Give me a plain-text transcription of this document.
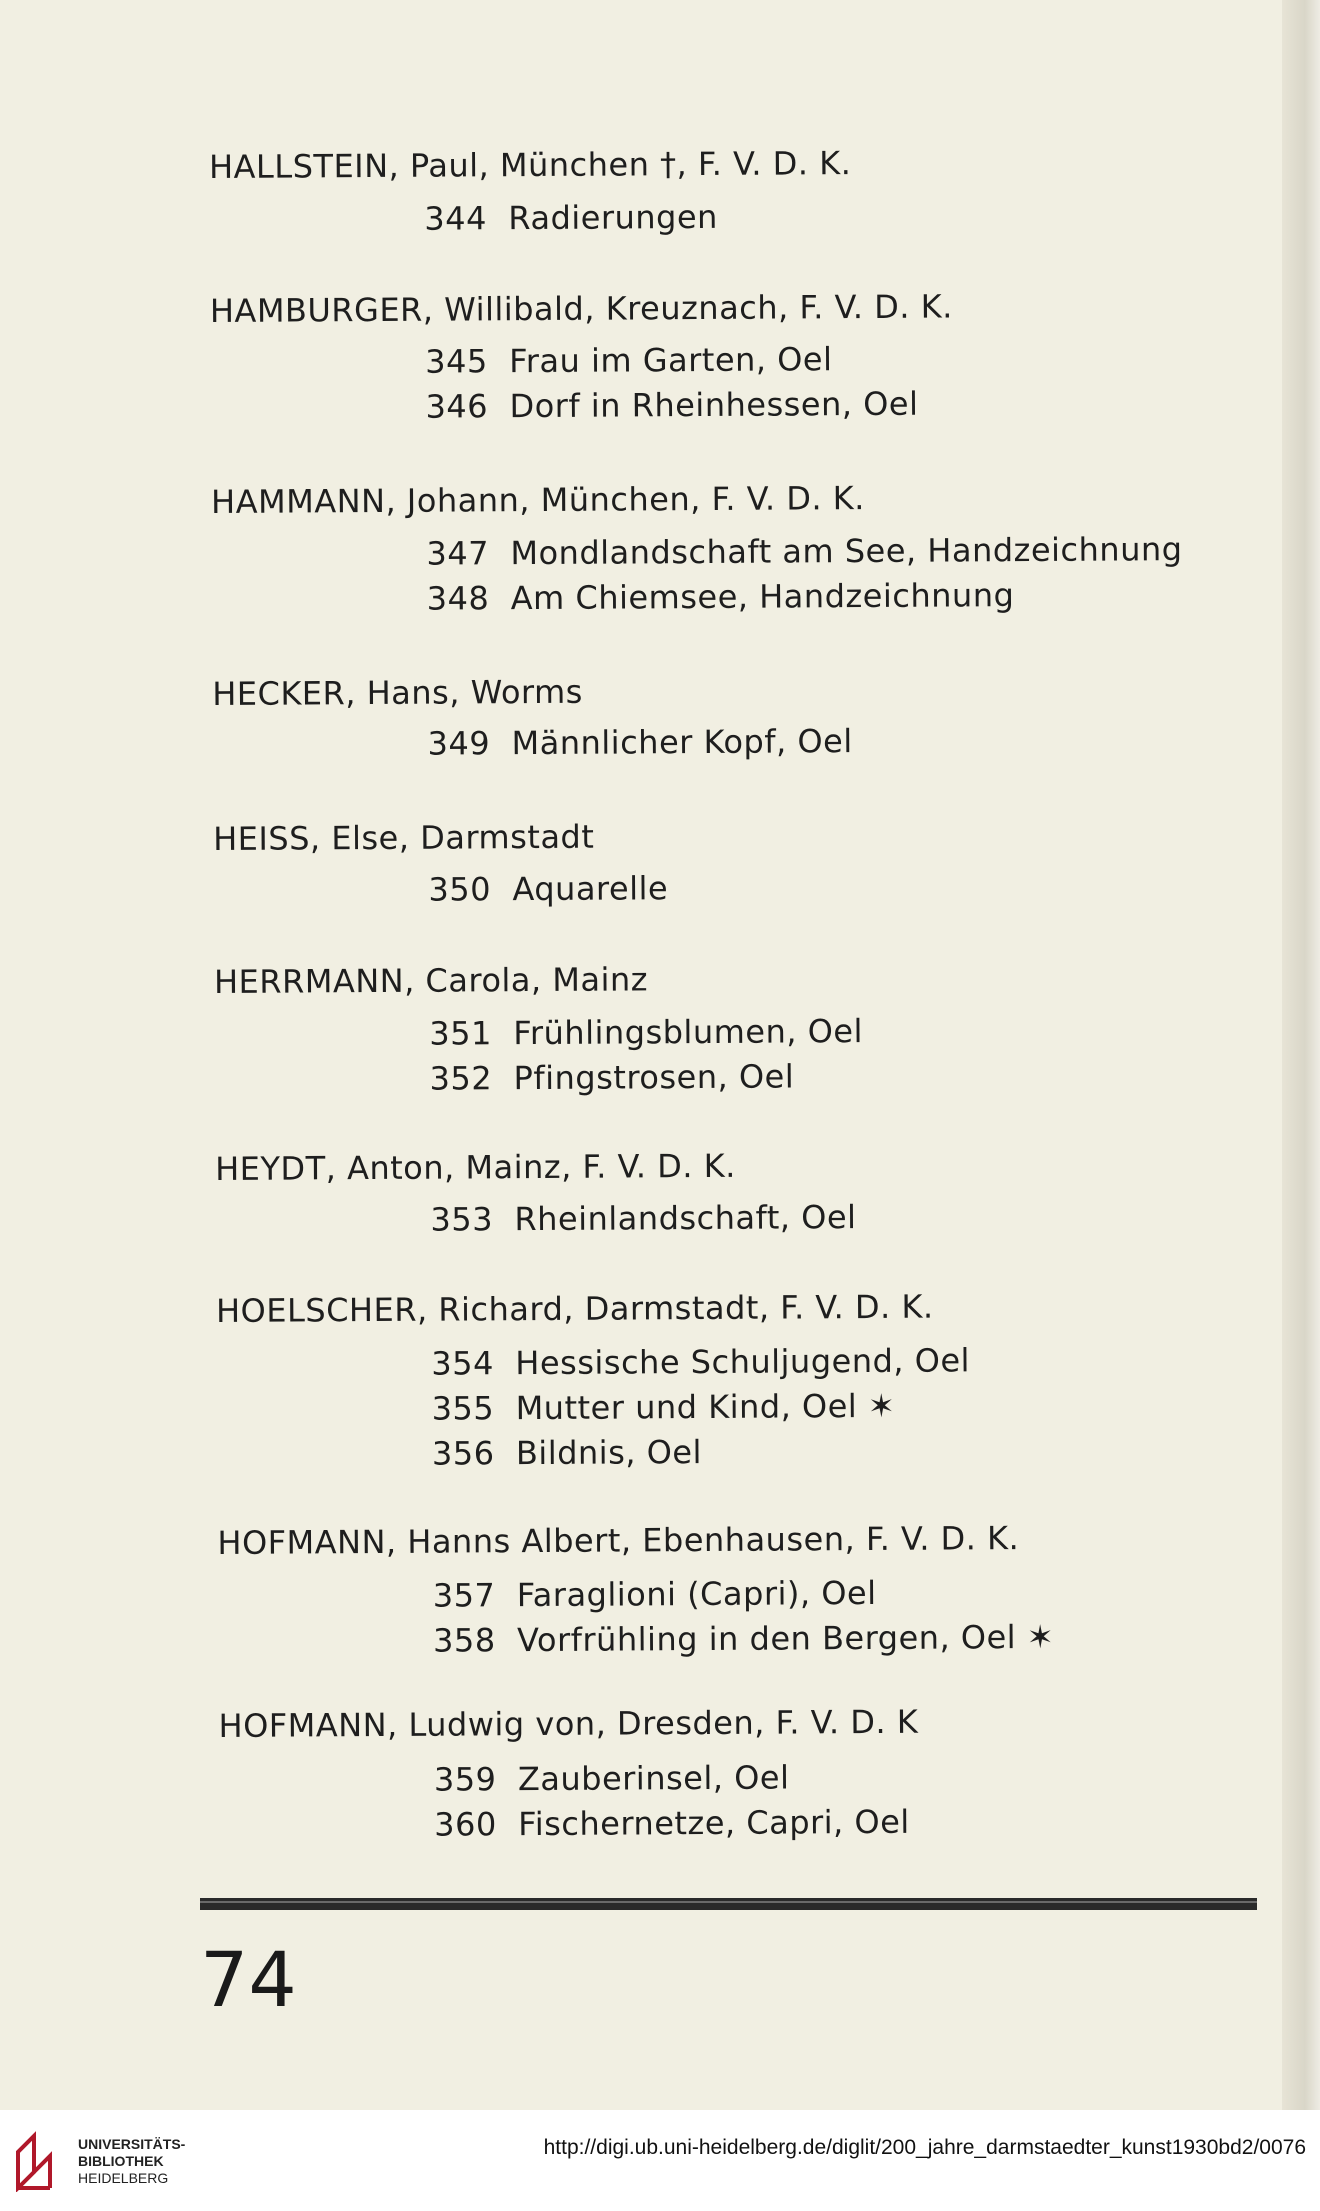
HALLSTEIN, Paul, München †, F. V. D. K.
344 Radierungen
HAMBURGER, Willibald, Kreuznach, F. V. D. K.
345 Frau im Garten, Oel
346 Dorf in Rheinhessen, Oel
HAMMANN, Johann, München, F. V. D. K.
347 Mondlandschaft am See, Handzeichnung
348 Am Chiemsee, Handzeichnung
HECKER, Hans, Worms
349 Männlicher Kopf, Oel
HEISS, Else, Darmstadt
350 Aquarelle
HERRMANN, Carola, Mainz
351 Frühlingsblumen, Oel
352 Pfingstrosen, Oel
HEYDT, Anton, Mainz, F. V. D. K.
353 Rheinlandschaft, Oel
HOELSCHER, Richard, Darmstadt, F. V. D. K.
354 Hessische Schuljugend, Oel
355 Mutter und Kind, Oel ✶
356 Bildnis, Oel
HOFMANN, Hanns Albert, Ebenhausen, F. V. D. K.
357 Faraglioni (Capri), Oel
358 Vorfrühling in den Bergen, Oel ✶
HOFMANN, Ludwig von, Dresden, F. V. D. K
359 Zauberinsel, Oel
360 Fischernetze, Capri, Oel
74
UNIVERSITÄTS-
BIBLIOTHEK
HEIDELBERG
http://digi.ub.uni-heidelberg.de/diglit/200_jahre_darmstaedter_kunst1930bd2/0076
